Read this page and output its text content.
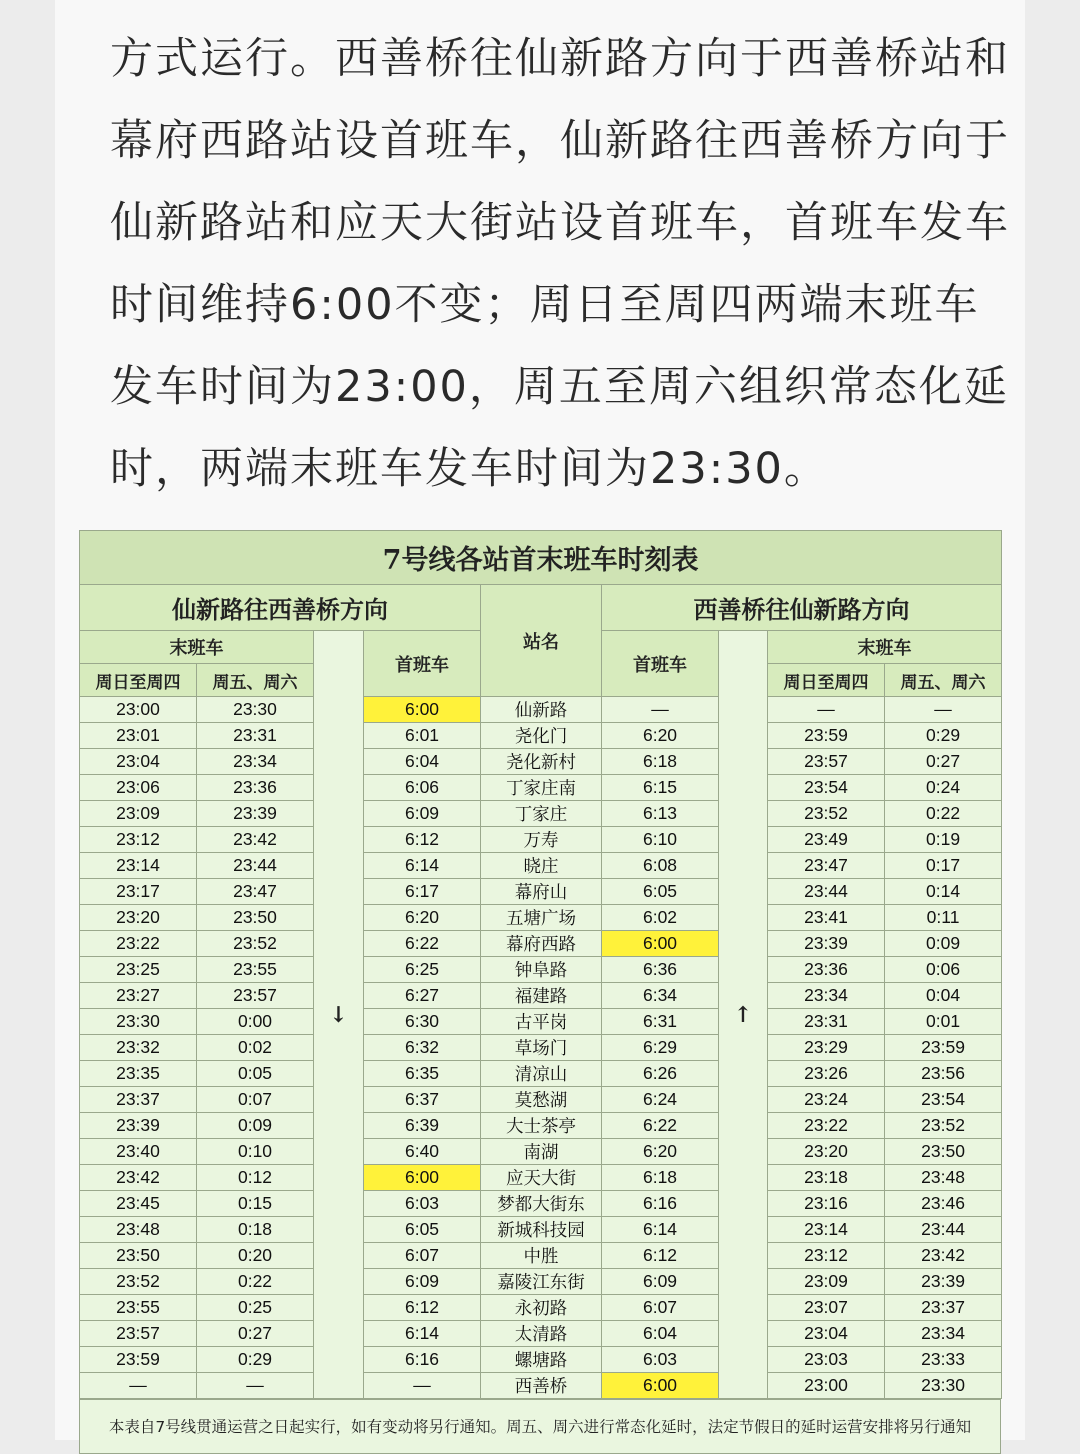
方式运行。西善桥往仙新路方向于西善桥站和
幕府西路站设首班车，仙新路往西善桥方向于
仙新路站和应天大街站设首班车，首班车发车
时间维持6:00不变；周日至周四两端末班车
发车时间为23:00，周五至周六组织常态化延
时，两端末班车发车时间为23:30。
7号线各站首末班车时刻表								
仙新路往西善桥方向				站名	西善桥往仙新路方向			
末班车		↓	首班车		首班车	↑	末班车	
周日至周四	周五、周六						周日至周四	周五、周六
23:00	23:30		6:00	仙新路	—		—	—
23:01	23:31		6:01	尧化门	6:20		23:59	0:29
23:04	23:34		6:04	尧化新村	6:18		23:57	0:27
23:06	23:36		6:06	丁家庄南	6:15		23:54	0:24
23:09	23:39		6:09	丁家庄	6:13		23:52	0:22
23:12	23:42		6:12	万寿	6:10		23:49	0:19
23:14	23:44		6:14	晓庄	6:08		23:47	0:17
23:17	23:47		6:17	幕府山	6:05		23:44	0:14
23:20	23:50		6:20	五塘广场	6:02		23:41	0:11
23:22	23:52		6:22	幕府西路	6:00		23:39	0:09
23:25	23:55		6:25	钟阜路	6:36		23:36	0:06
23:27	23:57		6:27	福建路	6:34		23:34	0:04
23:30	0:00		6:30	古平岗	6:31		23:31	0:01
23:32	0:02		6:32	草场门	6:29		23:29	23:59
23:35	0:05		6:35	清凉山	6:26		23:26	23:56
23:37	0:07		6:37	莫愁湖	6:24		23:24	23:54
23:39	0:09		6:39	大士茶亭	6:22		23:22	23:52
23:40	0:10		6:40	南湖	6:20		23:20	23:50
23:42	0:12		6:00	应天大街	6:18		23:18	23:48
23:45	0:15		6:03	梦都大街东	6:16		23:16	23:46
23:48	0:18		6:05	新城科技园	6:14		23:14	23:44
23:50	0:20		6:07	中胜	6:12		23:12	23:42
23:52	0:22		6:09	嘉陵江东街	6:09		23:09	23:39
23:55	0:25		6:12	永初路	6:07		23:07	23:37
23:57	0:27		6:14	太清路	6:04		23:04	23:34
23:59	0:29		6:16	螺塘路	6:03		23:03	23:33
—	—		—	西善桥	6:00		23:00	23:30
本表自7号线贯通运营之日起实行，如有变动将另行通知。周五、周六进行常态化延时，法定节假日的延时运营安排将另行通知
